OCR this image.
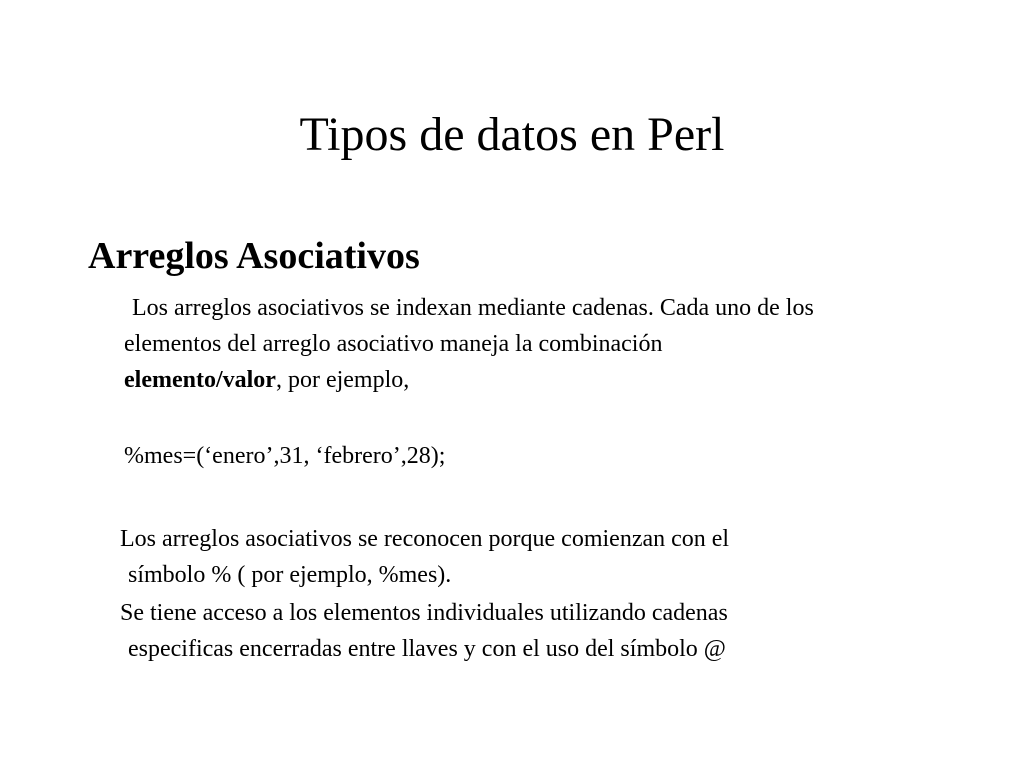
Tipos de datos en Perl
Arreglos Asociativos
Los arreglos asociativos se indexan mediante cadenas. Cada uno de los
elementos del arreglo asociativo maneja la combinación
elemento/valor, por ejemplo,
%mes=(‘enero’,31, ‘febrero’,28);
Los arreglos asociativos se reconocen porque comienzan con el
símbolo % ( por ejemplo, %mes).
Se tiene acceso a los elementos individuales utilizando cadenas
especificas encerradas entre llaves y con el uso del símbolo @
